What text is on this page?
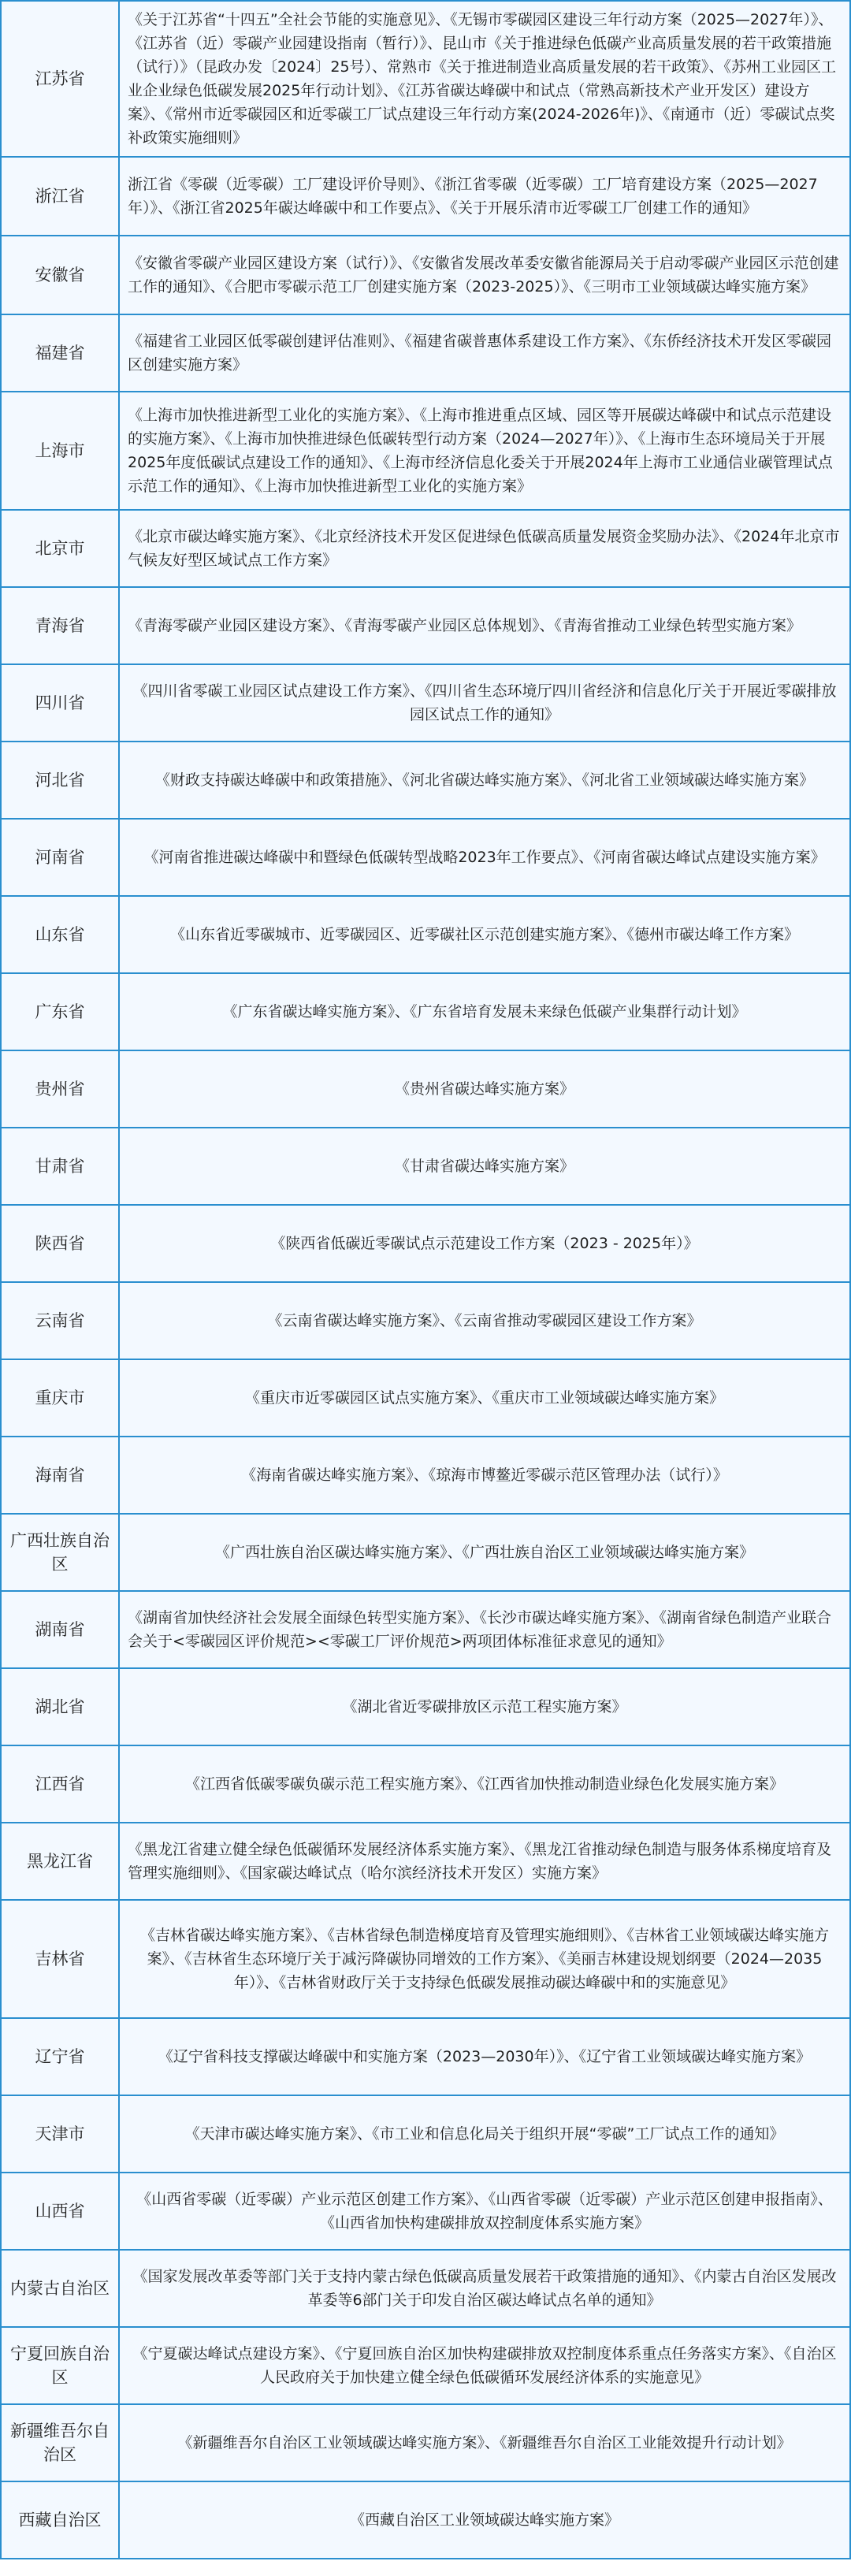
江苏省	《关于江苏省“十四五”全社会节能的实施意见》、《无锡市零碳园区建设三年行动方案（2025—2027年）》、《江苏省（近）零碳产业园建设指南（暂行）》、昆山市《关于推进绿色低碳产业高质量发展的若干政策措施（试行）》（昆政办发〔2024〕25号）、常熟市《关于推进制造业高质量发展的若干政策》、《苏州工业园区工业企业绿色低碳发展2025年行动计划》、《江苏省碳达峰碳中和试点（常熟高新技术产业开发区）建设方案》、《常州市近零碳园区和近零碳工厂试点建设三年行动方案(2024-2026年)》、《南通市（近）零碳试点奖补政策实施细则》
浙江省	浙江省《零碳（近零碳）工厂建设评价导则》、《浙江省零碳（近零碳）工厂培育建设方案（2025—2027年）》、《浙江省2025年碳达峰碳中和工作要点》、《关于开展乐清市近零碳工厂创建工作的通知》
安徽省	《安徽省零碳产业园区建设方案（试行）》、《安徽省发展改革委安徽省能源局关于启动零碳产业园区示范创建工作的通知》、《合肥市零碳示范工厂创建实施方案（2023-2025）》、《三明市工业领域碳达峰实施方案》
福建省	《福建省工业园区低零碳创建评估准则》、《福建省碳普惠体系建设工作方案》、《东侨经济技术开发区零碳园区创建实施方案》
上海市	《上海市加快推进新型工业化的实施方案》、《上海市推进重点区域、园区等开展碳达峰碳中和试点示范建设的实施方案》、《上海市加快推进绿色低碳转型行动方案（2024—2027年）》、《上海市生态环境局关于开展2025年度低碳试点建设工作的通知》、《上海市经济信息化委关于开展2024年上海市工业通信业碳管理试点示范工作的通知》、《上海市加快推进新型工业化的实施方案》
北京市	《北京市碳达峰实施方案》、《北京经济技术开发区促进绿色低碳高质量发展资金奖励办法》、《2024年北京市气候友好型区域试点工作方案》
青海省	《青海零碳产业园区建设方案》、《青海零碳产业园区总体规划》、《青海省推动工业绿色转型实施方案》
四川省	《四川省零碳工业园区试点建设工作方案》、《四川省生态环境厅四川省经济和信息化厅关于开展近零碳排放园区试点工作的通知》
河北省	《财政支持碳达峰碳中和政策措施》、《河北省碳达峰实施方案》、《河北省工业领域碳达峰实施方案》
河南省	《河南省推进碳达峰碳中和暨绿色低碳转型战略2023年工作要点》、《河南省碳达峰试点建设实施方案》
山东省	《山东省近零碳城市、近零碳园区、近零碳社区示范创建实施方案》、《德州市碳达峰工作方案》
广东省	《广东省碳达峰实施方案》、《广东省培育发展未来绿色低碳产业集群行动计划》
贵州省	《贵州省碳达峰实施方案》
甘肃省	《甘肃省碳达峰实施方案》
陕西省	《陕西省低碳近零碳试点示范建设工作方案（2023 - 2025年）》
云南省	《云南省碳达峰实施方案》、《云南省推动零碳园区建设工作方案》
重庆市	《重庆市近零碳园区试点实施方案》、《重庆市工业领域碳达峰实施方案》
海南省	《海南省碳达峰实施方案》、《琼海市博鳌近零碳示范区管理办法（试行）》
广西壮族自治区	《广西壮族自治区碳达峰实施方案》、《广西壮族自治区工业领域碳达峰实施方案》
湖南省	《湖南省加快经济社会发展全面绿色转型实施方案》、《长沙市碳达峰实施方案》、《湖南省绿色制造产业联合会关于<零碳园区评价规范><零碳工厂评价规范>两项团体标准征求意见的通知》
湖北省	《湖北省近零碳排放区示范工程实施方案》
江西省	《江西省低碳零碳负碳示范工程实施方案》、《江西省加快推动制造业绿色化发展实施方案》
黑龙江省	《黑龙江省建立健全绿色低碳循环发展经济体系实施方案》、《黑龙江省推动绿色制造与服务体系梯度培育及管理实施细则》、《国家碳达峰试点（哈尔滨经济技术开发区）实施方案》
吉林省	《吉林省碳达峰实施方案》、《吉林省绿色制造梯度培育及管理实施细则》、《吉林省工业领域碳达峰实施方案》、《吉林省生态环境厅关于减污降碳协同增效的工作方案》、《美丽吉林建设规划纲要（2024—2035年）》、《吉林省财政厅关于支持绿色低碳发展推动碳达峰碳中和的实施意见》
辽宁省	《辽宁省科技支撑碳达峰碳中和实施方案（2023—2030年）》、《辽宁省工业领域碳达峰实施方案》
天津市	《天津市碳达峰实施方案》、《市工业和信息化局关于组织开展“零碳”工厂试点工作的通知》
山西省	《山西省零碳（近零碳）产业示范区创建工作方案》、《山西省零碳（近零碳）产业示范区创建申报指南》、《山西省加快构建碳排放双控制度体系实施方案》
内蒙古自治区	《国家发展改革委等部门关于支持内蒙古绿色低碳高质量发展若干政策措施的通知》、《内蒙古自治区发展改革委等6部门关于印发自治区碳达峰试点名单的通知》
宁夏回族自治区	《宁夏碳达峰试点建设方案》、《宁夏回族自治区加快构建碳排放双控制度体系重点任务落实方案》、《自治区人民政府关于加快建立健全绿色低碳循环发展经济体系的实施意见》
新疆维吾尔自治区	《新疆维吾尔自治区工业领域碳达峰实施方案》、《新疆维吾尔自治区工业能效提升行动计划》
西藏自治区	《西藏自治区工业领域碳达峰实施方案》
